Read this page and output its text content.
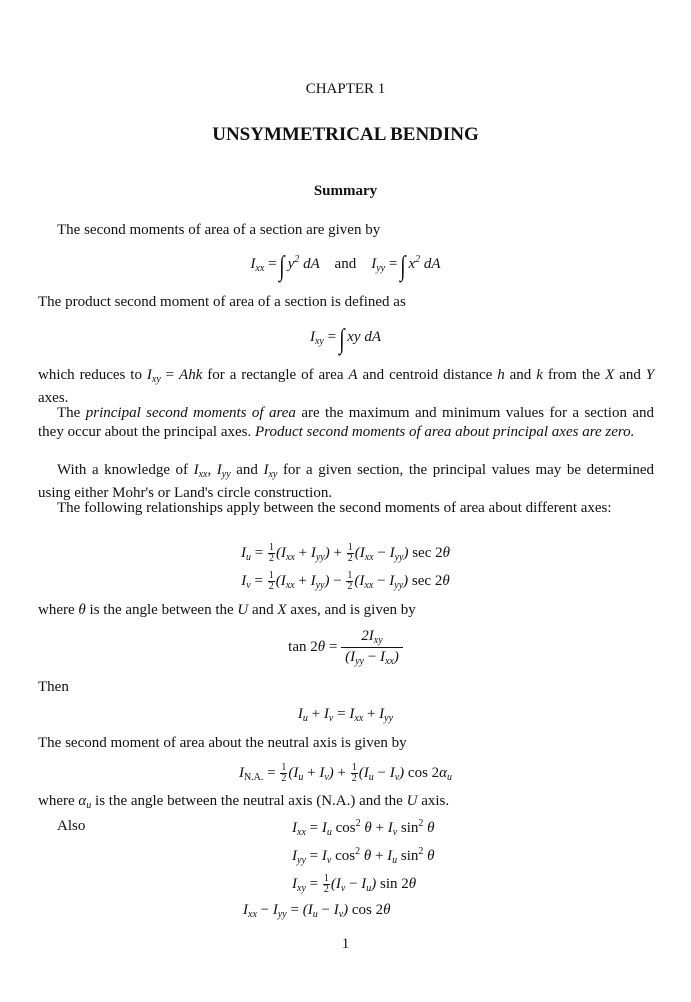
CHAPTER 1
UNSYMMETRICAL BENDING
Summary
The second moments of area of a section are given by
$I_{xx}$ = ∫ $y^2$ dA    and    $I_{yy}$ = ∫ $x^2$ dA
The product second moment of area of a section is defined as
$I_{xy}$ = ∫ xy dA
which reduces to $I_{xy}$ = Ahk for a rectangle of area A and centroid distance h and k from the X and Y axes.
The principal second moments of area are the maximum and minimum values for a section and they occur about the principal axes. Product second moments of area about principal axes are zero.
With a knowledge of $I_{xx}$, $I_{yy}$ and $I_{xy}$ for a given section, the principal values may be determined using either Mohr's or Land's circle construction.
The following relationships apply between the second moments of area about different axes:
$I_u = \frac{1}{2} (I_{xx} + I_{yy}) + \frac{1}{2} (I_{xx} - I_{yy})$ sec 2θ
$I_v = \frac{1}{2} (I_{xx} + I_{yy}) - \frac{1}{2} (I_{xx} - I_{yy})$ sec 2θ
where θ is the angle between the U and X axes, and is given by
tan 2θ =
$2I_{xy}$
$(I_{yy} - I_{xx})$
Then
$I_u + I_v = I_{xx} + I_{yy}$
The second moment of area about the neutral axis is given by
$I_{N.A.} = \frac{1}{2} (I_u + I_v) + \frac{1}{2} (I_u - I_v)$ $\cos 2\alpha_u$
where $\alpha_u$ is the angle between the neutral axis (N.A.) and the U axis.
Also	$I_{xx} = I_u$ $\cos^2 \theta + I_v$ $\sin^2 \theta$
$I_{yy} = I_v$ $\cos^2 \theta + I_u$ $\sin^2 \theta$
$I_{xy} = \frac{1}{2} (I_v - I_u)$ sin 2θ
$I_{xx} - I_{yy} = (I_u - I_v)$ cos 2θ
1
